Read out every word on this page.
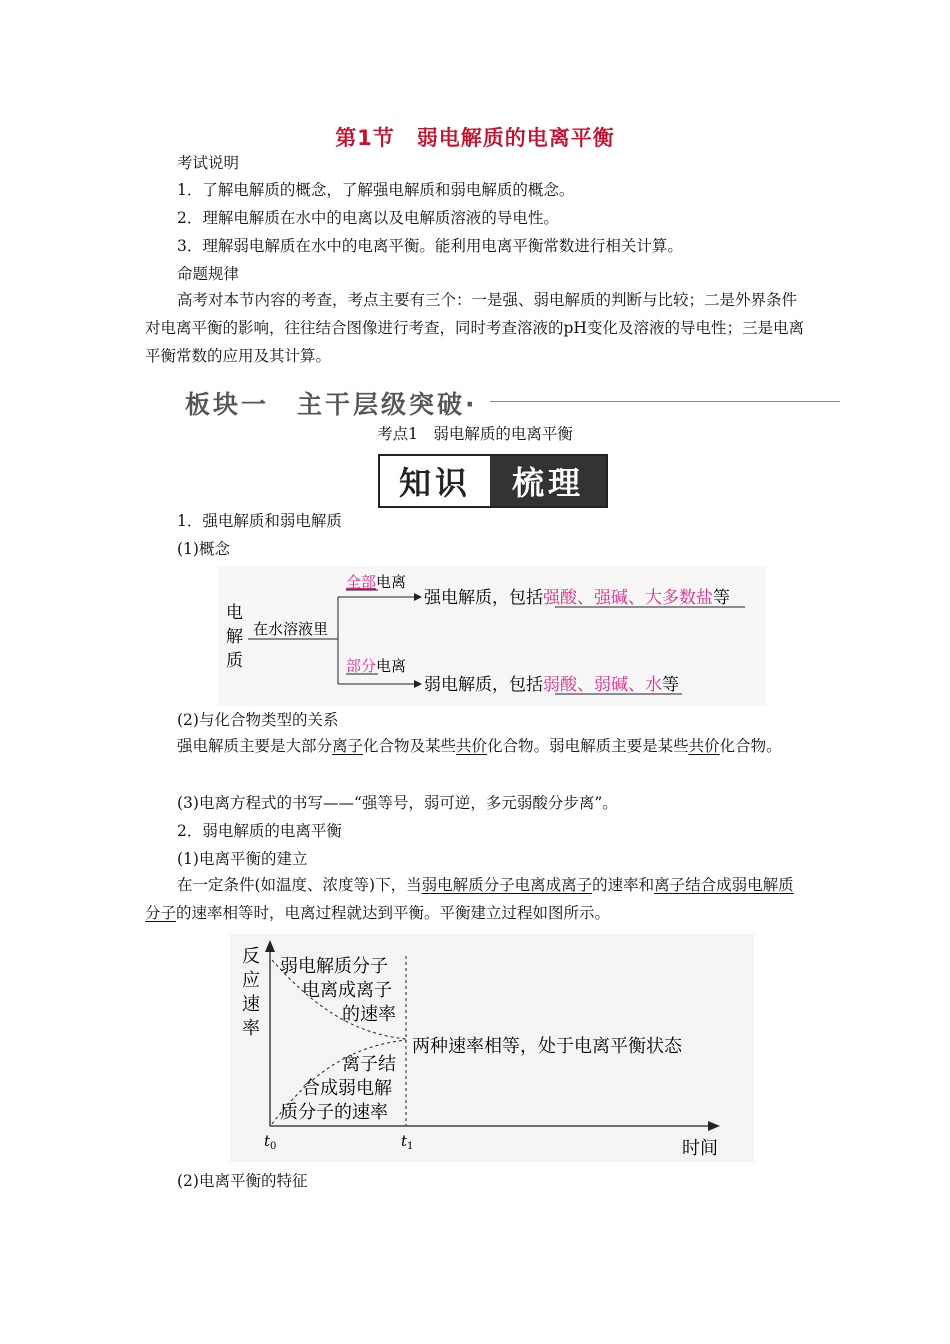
第1节　弱电解质的电离平衡
考试说明
1．了解电解质的概念，了解强电解质和弱电解质的概念。
2．理解电解质在水中的电离以及电解质溶液的导电性。
3．理解弱电解质在水中的电离平衡。能利用电离平衡常数进行相关计算。
命题规律
高考对本节内容的考查，考点主要有三个：一是强、弱电解质的判断与比较；二是外界条件对电离平衡的影响，往往结合图像进行考查，同时考查溶液的pH变化及溶液的导电性；三是电离平衡常数的应用及其计算。
板块一　主干层级突破·
考点1　弱电解质的电离平衡
知识	梳理
1．强电解质和弱电解质
(1)概念
电
解
质
在水溶液里
全部电离
部分电离
强电解质，包括强酸、强碱、大多数盐等
弱电解质，包括弱酸、弱碱、水等
(2)与化合物类型的关系
强电解质主要是大部分离子化合物及某些共价化合物。弱电解质主要是某些共价化合物。
(3)电离方程式的书写——“强等号，弱可逆，多元弱酸分步离”。
2．弱电解质的电离平衡
(1)电离平衡的建立
在一定条件(如温度、浓度等)下，当弱电解质分子电离成离子的速率和离子结合成弱电解质分子的速率相等时，电离过程就达到平衡。平衡建立过程如图所示。
反
应
速
率
弱电解质分子
电离成离子
的速率
两种速率相等，处于电离平衡状态
离子结
合成弱电解
质分子的速率
$t_0$	$t_1$	时间
(2)电离平衡的特征
